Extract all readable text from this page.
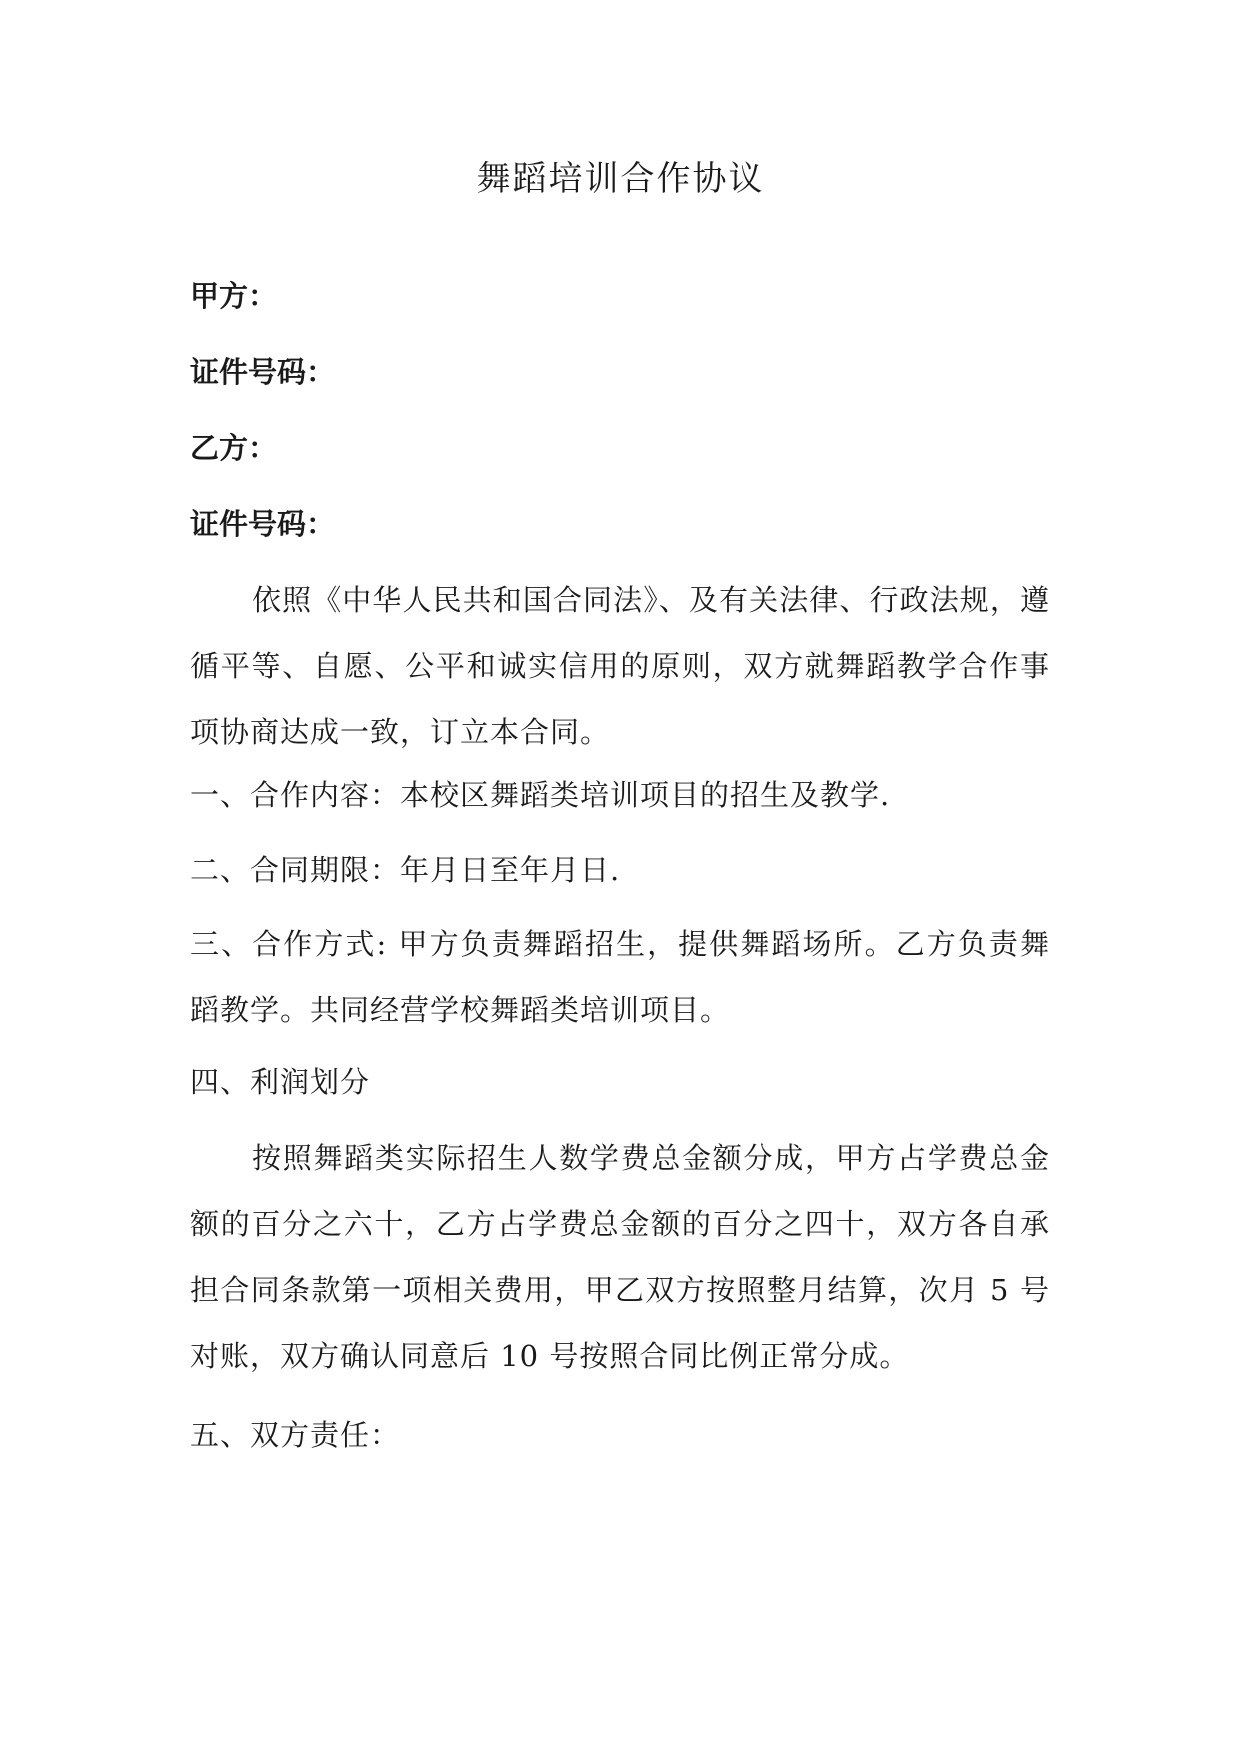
舞蹈培训合作协议
甲方：
证件号码：
乙方：
证件号码：
依照《中华人民共和国合同法》、及有关法律、行政法规，遵循平等、自愿、公平和诚实信用的原则，双方就舞蹈教学合作事项协商达成一致，订立本合同。
一、合作内容：本校区舞蹈类培训项目的招生及教学.
二、合同期限：年月日至年月日.
三、合作方式: 甲方负责舞蹈招生，提供舞蹈场所。乙方负责舞蹈教学。共同经营学校舞蹈类培训项目。
四、利润划分
按照舞蹈类实际招生人数学费总金额分成，甲方占学费总金额的百分之六十，乙方占学费总金额的百分之四十，双方各自承担合同条款第一项相关费用，甲乙双方按照整月结算，次月 5 号对账，双方确认同意后 10 号按照合同比例正常分成。
五、双方责任：
